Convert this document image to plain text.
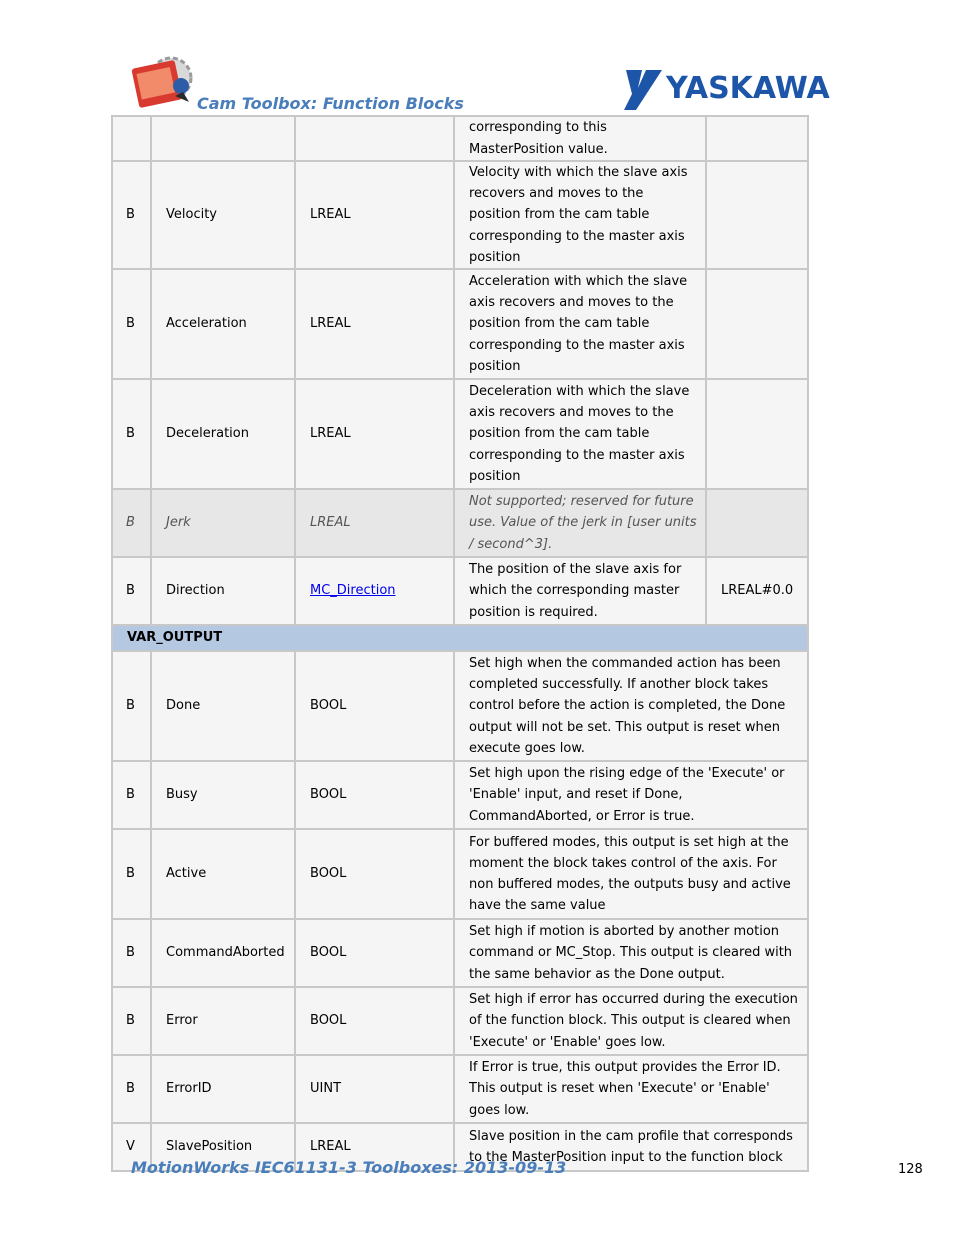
Cam Toolbox: Function Blocks	YASKAWA
			corresponding to this MasterPosition value.	
B	Velocity	LREAL	Velocity with which the slave axis recovers and moves to the position from the cam table corresponding to the master axis position	
B	Acceleration	LREAL	Acceleration with which the slave axis recovers and moves to the position from the cam table corresponding to the master axis position	
B	Deceleration	LREAL	Deceleration with which the slave axis recovers and moves to the position from the cam table corresponding to the master axis position	
B	Jerk	LREAL	Not supported; reserved for future use. Value of the jerk in [user units / second^3].	
B	Direction	MC_Direction	The position of the slave axis for which the corresponding master position is required.	LREAL#0.0
VAR_OUTPUT				
B	Done	BOOL	Set high when the commanded action has been completed successfully. If another block takes control before the action is completed, the Done output will not be set. This output is reset when execute goes low.	
B	Busy	BOOL	Set high upon the rising edge of the 'Execute' or 'Enable' input, and reset if Done, CommandAborted, or Error is true.	
B	Active	BOOL	For buffered modes, this output is set high at the moment the block takes control of the axis. For non buffered modes, the outputs busy and active have the same value	
B	CommandAborted	BOOL	Set high if motion is aborted by another motion command or MC_Stop. This output is cleared with the same behavior as the Done output.	
B	Error	BOOL	Set high if error has occurred during the execution of the function block. This output is cleared when 'Execute' or 'Enable' goes low.	
B	ErrorID	UINT	If Error is true, this output provides the Error ID. This output is reset when 'Execute' or 'Enable' goes low.	
V	SlavePosition	LREAL	Slave position in the cam profile that corresponds to the MasterPosition input to the function block	
MotionWorks IEC61131-3 Toolboxes: 2013-09-13	128
